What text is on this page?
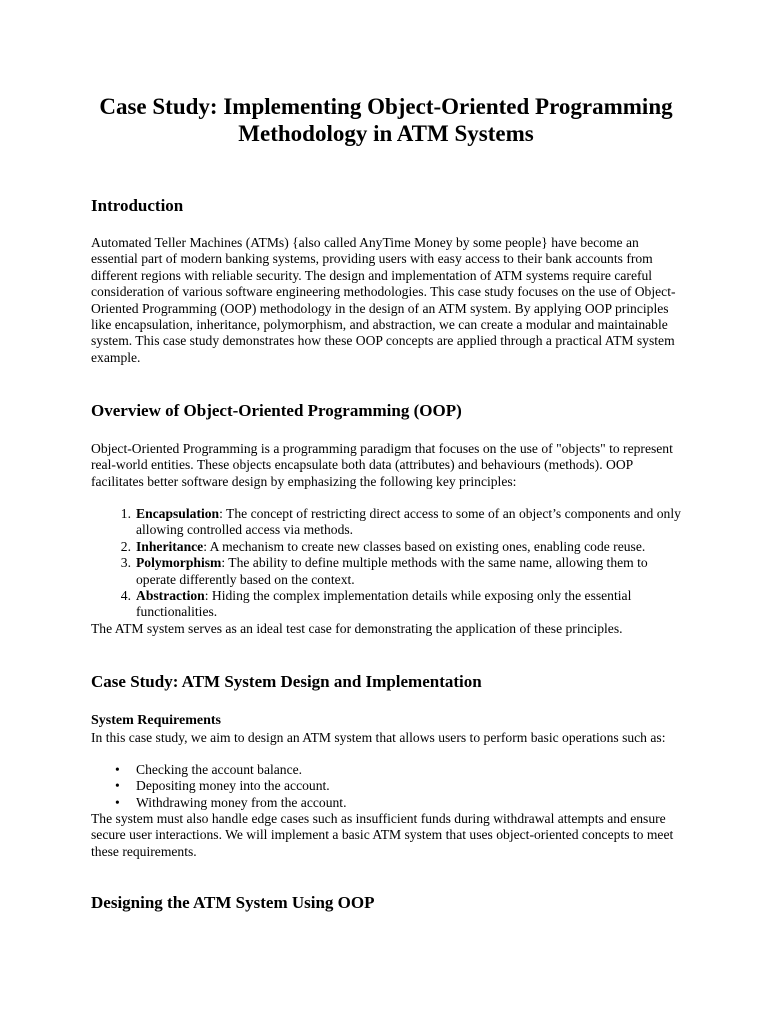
Case Study: Implementing Object-Oriented Programming Methodology in ATM Systems
Introduction

Automated Teller Machines (ATMs) {also called AnyTime Money by some people} have become an essential part of modern banking systems, providing users with easy access to their bank accounts from different regions with reliable security. The design and implementation of ATM systems require careful consideration of various software engineering methodologies. This case study focuses on the use of Object-Oriented Programming (OOP) methodology in the design of an ATM system. By applying OOP principles like encapsulation, inheritance, polymorphism, and abstraction, we can create a modular and maintainable system. This case study demonstrates how these OOP concepts are applied through a practical ATM system example.

Overview of Object-Oriented Programming (OOP)

Object-Oriented Programming is a programming paradigm that focuses on the use of "objects" to represent real-world entities. These objects encapsulate both data (attributes) and behaviours (methods). OOP facilitates better software design by emphasizing the following key principles:

1. Encapsulation: The concept of restricting direct access to some of an object’s components and only allowing controlled access via methods.
2. Inheritance: A mechanism to create new classes based on existing ones, enabling code reuse.
3. Polymorphism: The ability to define multiple methods with the same name, allowing them to operate differently based on the context.
4. Abstraction: Hiding the complex implementation details while exposing only the essential functionalities.

The ATM system serves as an ideal test case for demonstrating the application of these principles.

Case Study: ATM System Design and Implementation
System Requirements

In this case study, we aim to design an ATM system that allows users to perform basic operations such as:

• Checking the account balance.
• Depositing money into the account.
• Withdrawing money from the account.

The system must also handle edge cases such as insufficient funds during withdrawal attempts and ensure secure user interactions. We will implement a basic ATM system that uses object-oriented concepts to meet these requirements.

Designing the ATM System Using OOP
